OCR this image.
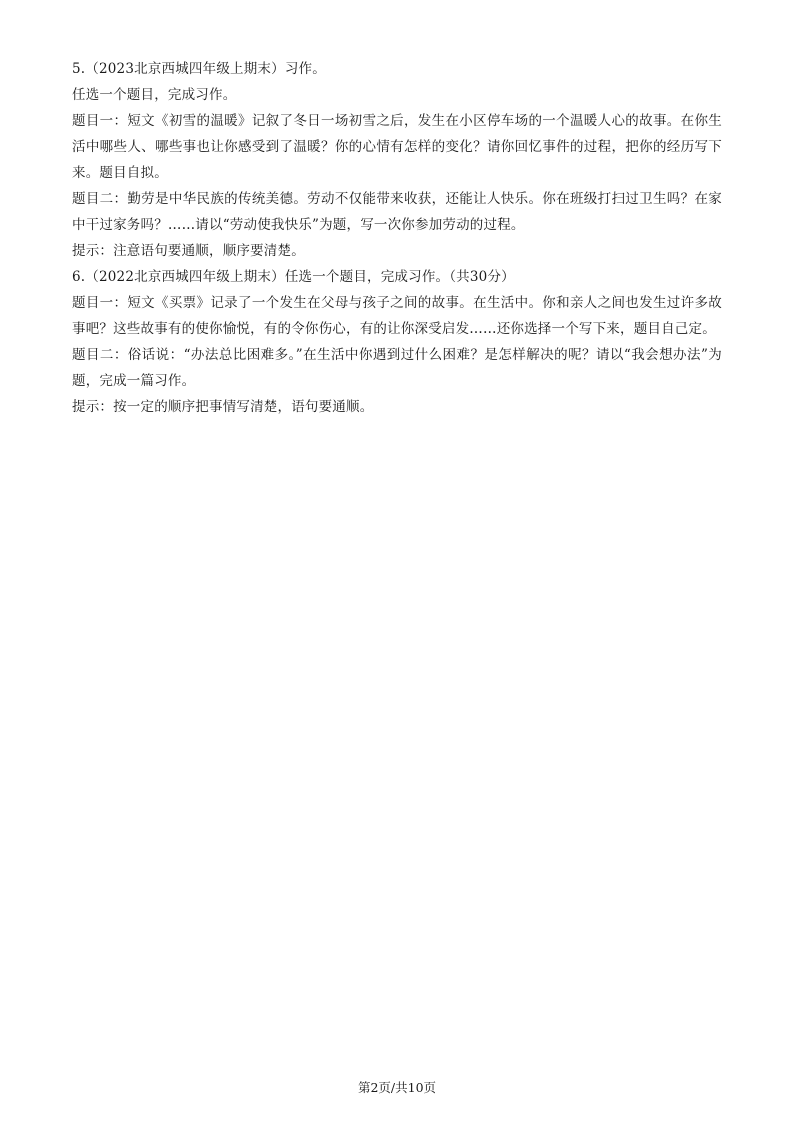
5.（2023北京西城四年级上期末）习作。

任选一个题目，完成习作。

题目一：短文《初雪的温暖》记叙了冬日一场初雪之后，发生在小区停车场的一个温暖人心的故事。在你生活中哪些人、哪些事也让你感受到了温暖？你的心情有怎样的变化？请你回忆事件的过程，把你的经历写下来。题目自拟。

题目二：勤劳是中华民族的传统美德。劳动不仅能带来收获，还能让人快乐。你在班级打扫过卫生吗？在家中干过家务吗？……请以“劳动使我快乐”为题，写一次你参加劳动的过程。

提示：注意语句要通顺，顺序要清楚。

6.（2022北京西城四年级上期末）任选一个题目，完成习作。（共30分）

题目一：短文《买票》记录了一个发生在父母与孩子之间的故事。在生活中。你和亲人之间也发生过许多故事吧？这些故事有的使你愉悦，有的令你伤心，有的让你深受启发……还你选择一个写下来，题目自己定。

题目二：俗话说：“办法总比困难多。”在生活中你遇到过什么困难？是怎样解决的呢？请以“我会想办法”为题，完成一篇习作。

提示：按一定的顺序把事情写清楚，语句要通顺。

第2页/共10页
